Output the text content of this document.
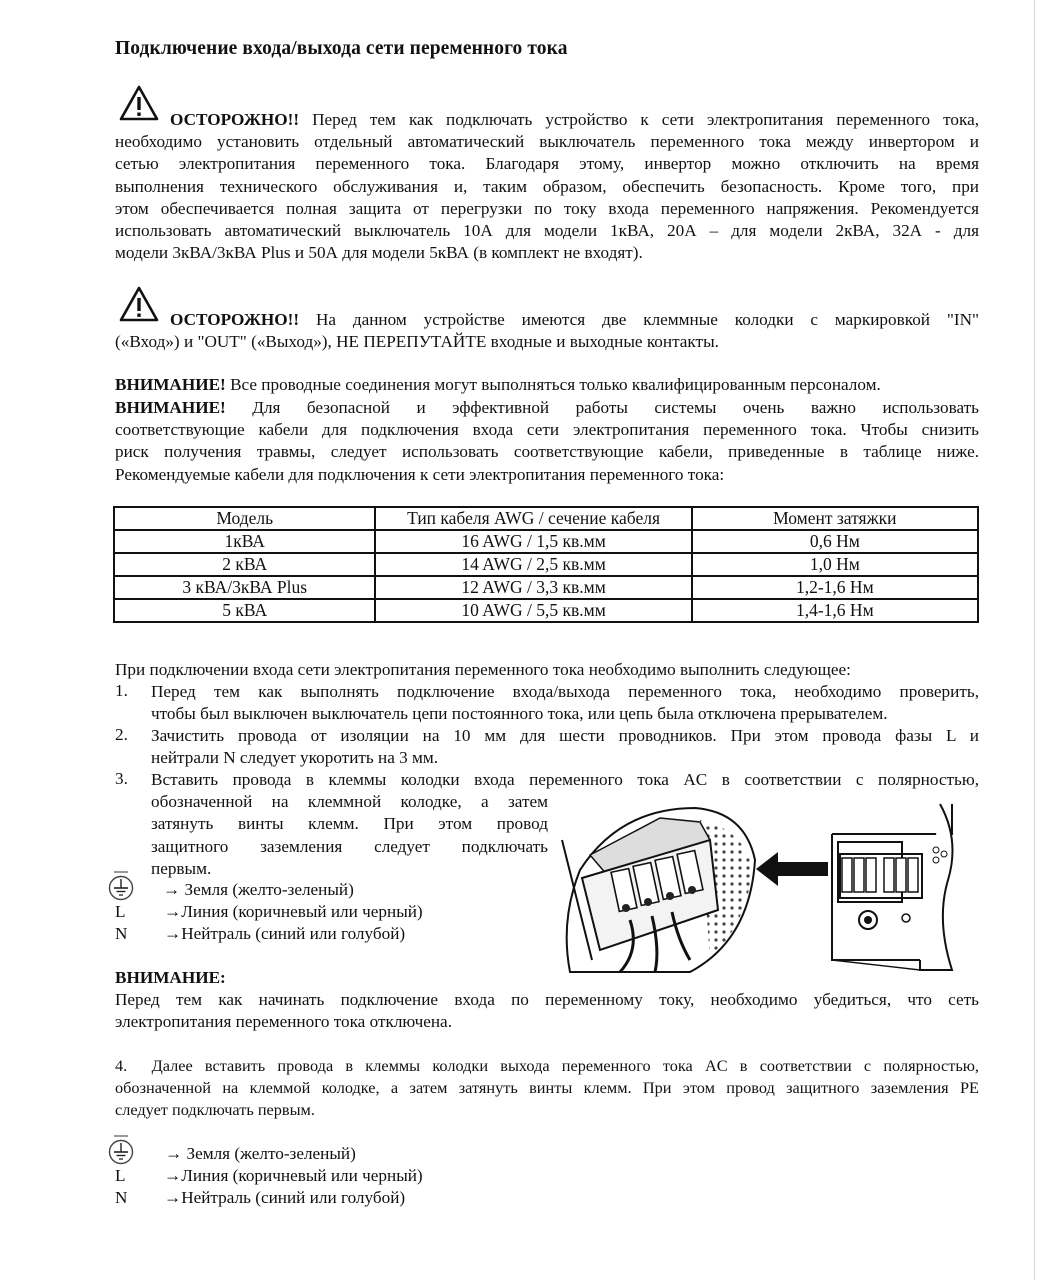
Подключение входа/выхода сети переменного тока
ОСТОРОЖНО!! Перед тем как подключать устройство к сети электропитания переменного тока,
необходимо установить отдельный автоматический выключатель переменного тока между инвертором и
сетью электропитания переменного тока. Благодаря этому, инвертор можно отключить на время
выполнения технического обслуживания и, таким образом, обеспечить безопасность. Кроме того, при
этом обеспечивается полная защита от перегрузки по току входа переменного напряжения. Рекомендуется
использовать автоматический выключатель 10А для модели 1кВА, 20А – для модели 2кВА, 32А - для
модели 3кВА/3кВА Plus и 50А для модели 5кВА (в комплект не входят).
ОСТОРОЖНО!! На данном устройстве имеются две клеммные колодки с маркировкой "IN"
(«Вход») и "OUT" («Выход»), НЕ ПЕРЕПУТАЙТЕ входные и выходные контакты.
ВНИМАНИЕ! Все проводные соединения могут выполняться только квалифицированным персоналом.
ВНИМАНИЕ! Для безопасной и эффективной работы системы очень важно использовать
соответствующие кабели для подключения входа сети электропитания переменного тока. Чтобы снизить
риск получения травмы, следует использовать соответствующие кабели, приведенные в таблице ниже.
Рекомендуемые кабели для подключения к сети электропитания переменного тока:
Модель	Тип кабеля AWG / сечение кабеля	Момент затяжки
1кВА	16 AWG / 1,5 кв.мм	0,6 Нм
2 кВА	14 AWG / 2,5 кв.мм	1,0 Нм
3 кВА/3кВА Plus	12 AWG / 3,3 кв.мм	1,2-1,6 Нм
5 кВА	10 AWG / 5,5 кв.мм	1,4-1,6 Нм
При подключении входа сети электропитания переменного тока необходимо выполнить следующее:
1. Перед тем как выполнять подключение входа/выхода переменного тока, необходимо проверить,
чтобы был выключен выключатель цепи постоянного тока, или цепь была отключена прерывателем.
2. Зачистить провода от изоляции на 10 мм для шести проводников. При этом провода фазы L и
нейтрали N следует укоротить на 3 мм.
3. Вставить провода в клеммы колодки входа переменного тока AC в соответствии с полярностью,
обозначенной на клеммной колодке, а затем
затянуть винты клемм. При этом провод
защитного заземления следует подключать
первым.
→ Земля (желто-зеленый)
L →Линия (коричневый или черный)
N →Нейтраль (синий или голубой)
ВНИМАНИЕ:
Перед тем как начинать подключение входа по переменному току, необходимо убедиться, что сеть
электропитания переменного тока отключена.
4. Далее вставить провода в клеммы колодки выхода переменного тока AC в соответствии с полярностью,
обозначенной на клеммой колодке, а затем затянуть винты клемм. При этом провод защитного заземления PE
следует подключать первым.
→ Земля (желто-зеленый)
L →Линия (коричневый или черный)
N →Нейтраль (синий или голубой)
